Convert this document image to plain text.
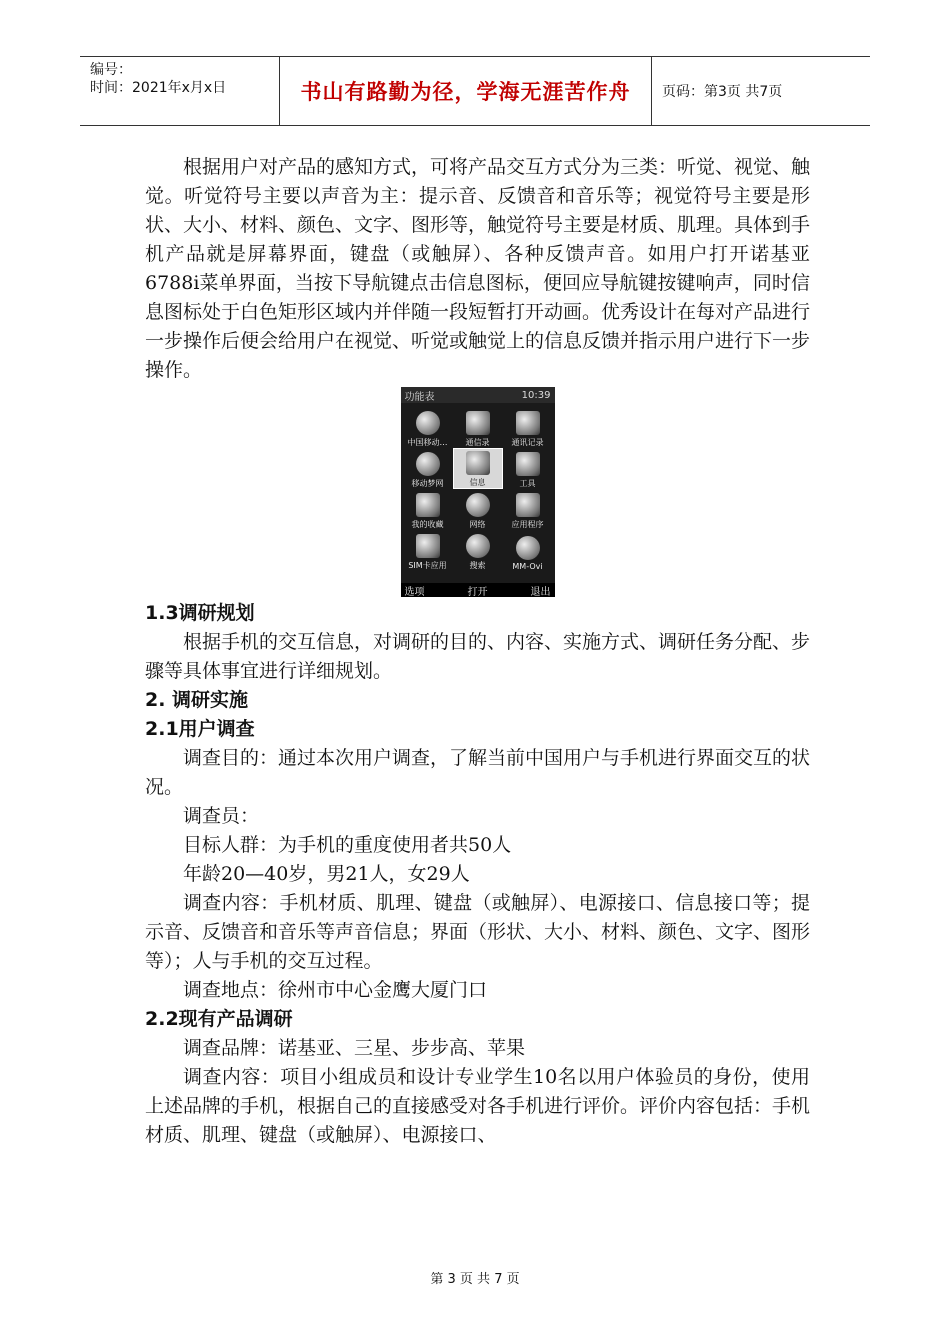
编号：
时间：2021年x月x日	书山有路勤为径，学海无涯苦作舟	页码：第3页 共7页

根据用户对产品的感知方式，可将产品交互方式分为三类：听觉、视觉、触觉。听觉符号主要以声音为主：提示音、反馈音和音乐等；视觉符号主要是形状、大小、材料、颜色、文字、图形等，触觉符号主要是材质、肌理。具体到手机产品就是屏幕界面，键盘（或触屏）、各种反馈声音。如用户打开诺基亚6788i菜单界面，当按下导航键点击信息图标，便回应导航键按键响声，同时信息图标处于白色矩形区域内并伴随一段短暂打开动画。优秀设计在每对产品进行一步操作后便会给用户在视觉、听觉或触觉上的信息反馈并指示用户进行下一步操作。

功能表	10:39
中国移动… 通信录	通讯记录
移动梦网	信息	工具
我的收藏	网络	应用程序
SIM卡应用	搜索	MM-Ovi
选项	打开	退出

1.3调研规划

根据手机的交互信息，对调研的目的、内容、实施方式、调研任务分配、步骤等具体事宜进行详细规划。

2. 调研实施

2.1用户调查

调查目的：通过本次用户调查，了解当前中国用户与手机进行界面交互的状况。

调查员：

目标人群：为手机的重度使用者共50人

年龄20—40岁，男21人，女29人

调查内容：手机材质、肌理、键盘（或触屏）、电源接口、信息接口等；提示音、反馈音和音乐等声音信息；界面（形状、大小、材料、颜色、文字、图形等）；人与手机的交互过程。

调查地点：徐州市中心金鹰大厦门口

2.2现有产品调研

调查品牌：诺基亚、三星、步步高、苹果

调查内容：项目小组成员和设计专业学生10名以用户体验员的身份，使用上述品牌的手机，根据自己的直接感受对各手机进行评价。评价内容包括：手机材质、肌理、键盘（或触屏）、电源接口、

第 3 页 共 7 页
